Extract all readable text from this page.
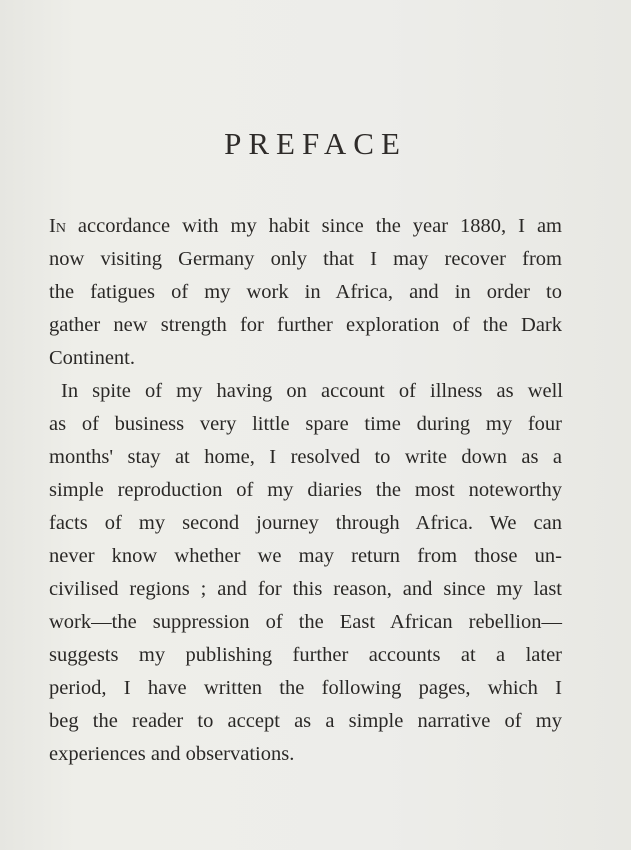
PREFACE
In accordance with my habit since the year 1880, I am
now visiting Germany only that I may recover from
the fatigues of my work in Africa, and in order to
gather new strength for further exploration of the Dark
Continent.
In spite of my having on account of illness as well
as of business very little spare time during my four
months' stay at home, I resolved to write down as a
simple reproduction of my diaries the most noteworthy
facts of my second journey through Africa. We can
never know whether we may return from those un-
civilised regions ; and for this reason, and since my last
work—the suppression of the East African rebellion—
suggests my publishing further accounts at a later
period, I have written the following pages, which I
beg the reader to accept as a simple narrative of my
experiences and observations.
